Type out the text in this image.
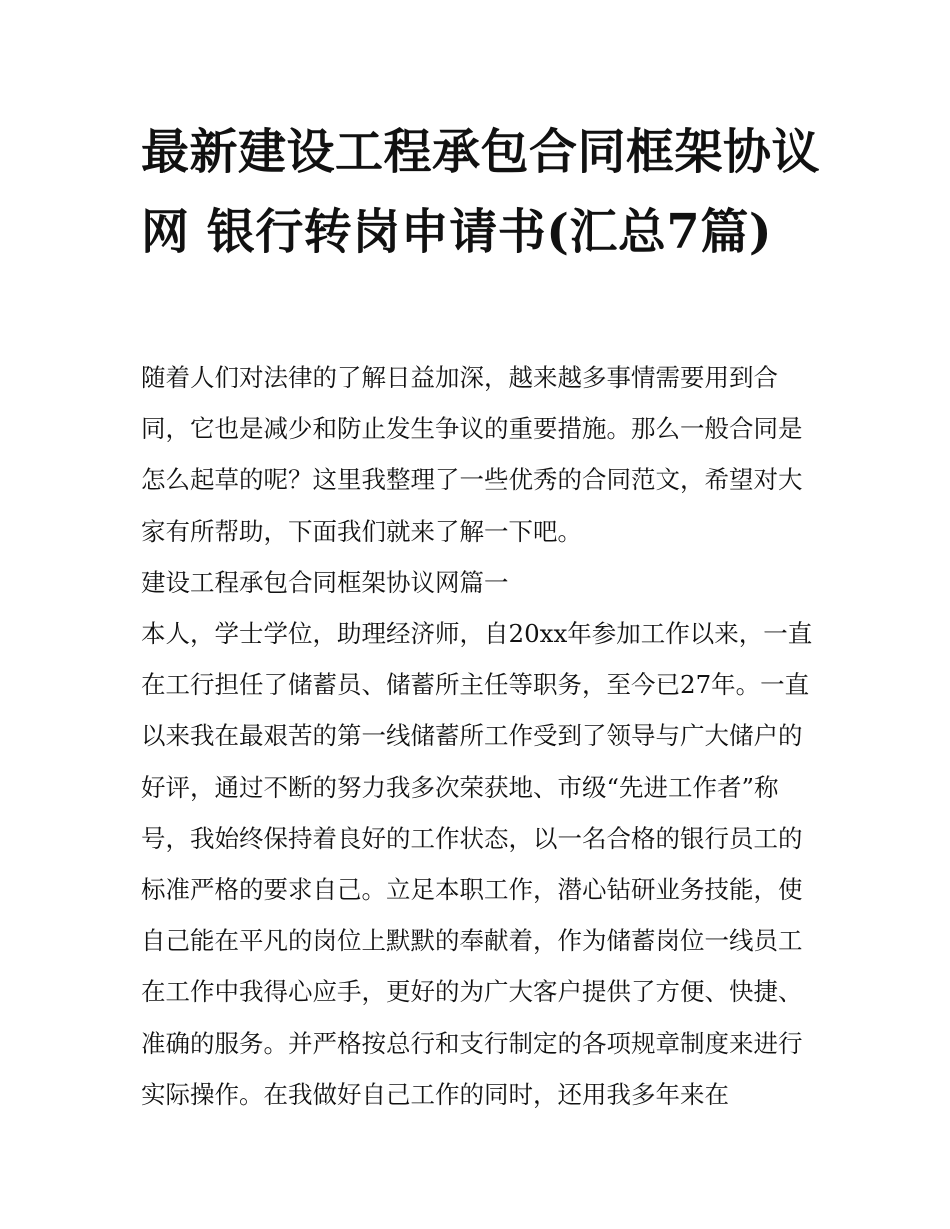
最新建设工程承包合同框架协议网 银行转岗申请书(汇总7篇)

随着人们对法律的了解日益加深，越来越多事情需要用到合同，它也是减少和防止发生争议的重要措施。那么一般合同是怎么起草的呢？这里我整理了一些优秀的合同范文，希望对大家有所帮助，下面我们就来了解一下吧。

建设工程承包合同框架协议网篇一

本人，学士学位，助理经济师，自20xx年参加工作以来，一直在工行担任了储蓄员、储蓄所主任等职务，至今已27年。一直以来我在最艰苦的第一线储蓄所工作受到了领导与广大储户的好评，通过不断的努力我多次荣获地、市级“先进工作者”称号，我始终保持着良好的工作状态，以一名合格的银行员工的标准严格的要求自己。立足本职工作，潜心钻研业务技能，使自己能在平凡的岗位上默默的奉献着，作为储蓄岗位一线员工在工作中我得心应手，更好的为广大客户提供了方便、快捷、准确的服务。并严格按总行和支行制定的各项规章制度来进行实际操作。在我做好自己工作的同时，还用我多年来在
